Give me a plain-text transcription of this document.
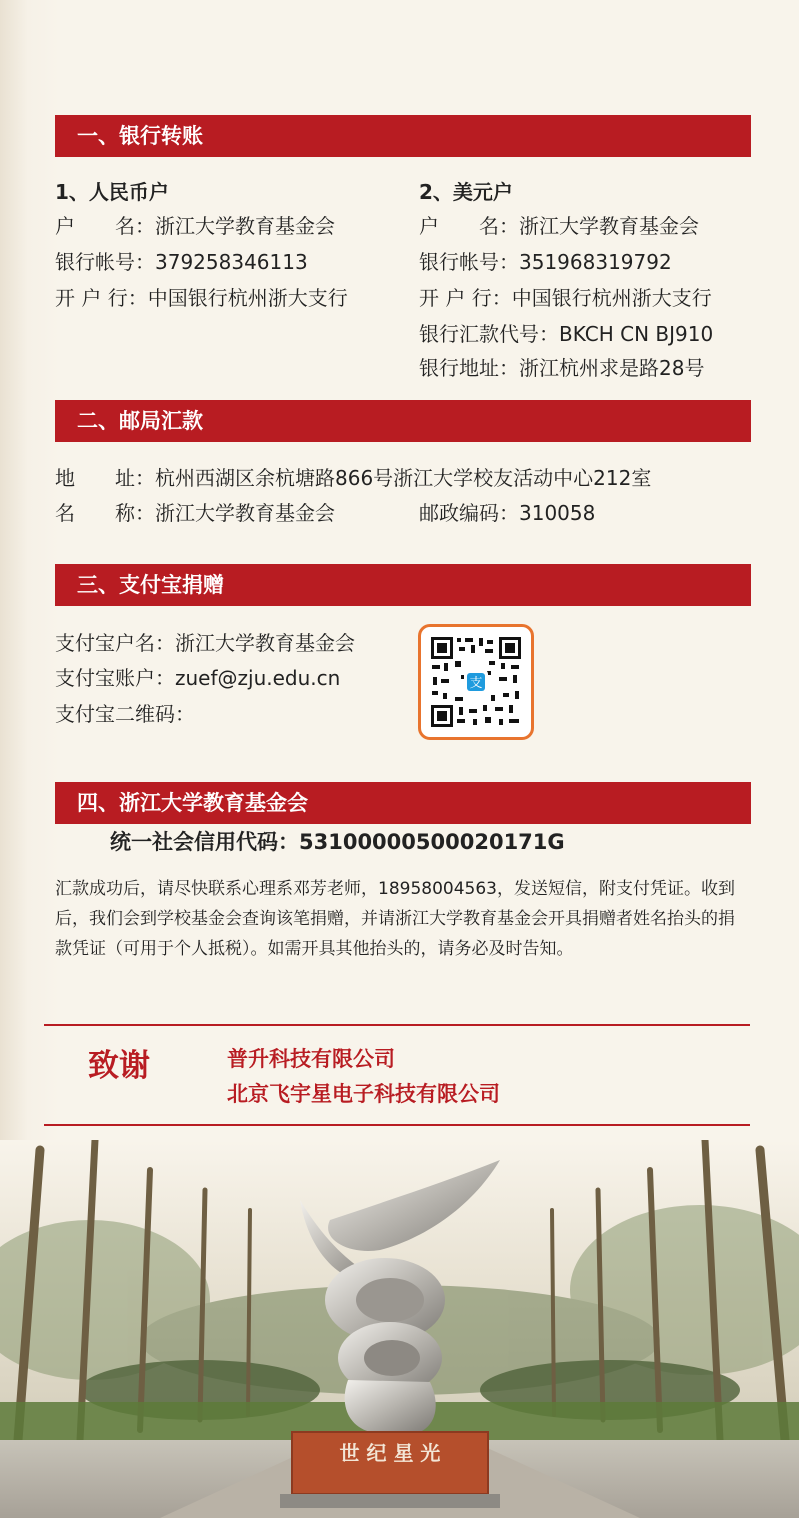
一、银行转账
1、人民币户
户　　名：浙江大学教育基金会
银行帐号：379258346113
开 户 行：中国银行杭州浙大支行
2、美元户
户　　名：浙江大学教育基金会
银行帐号：351968319792
开 户 行：中国银行杭州浙大支行
银行汇款代号：BKCH CN BJ910
银行地址：浙江杭州求是路28号
二、邮局汇款
地　　址：杭州西湖区余杭塘路866号浙江大学校友活动中心212室
名　　称：浙江大学教育基金会	邮政编码：310058
三、支付宝捐赠
支付宝户名：浙江大学教育基金会
支付宝账户：zuef@zju.edu.cn
支付宝二维码：
支
四、浙江大学教育基金会
统一社会信用代码：53100000500020171G
汇款成功后，请尽快联系心理系邓芳老师，18958004563，发送短信，附支付凭证。收到后，我们会到学校基金会查询该笔捐赠，并请浙江大学教育基金会开具捐赠者姓名抬头的捐款凭证（可用于个人抵税）。如需开具其他抬头的，请务必及时告知。
致谢	普升科技有限公司
北京飞宇星电子科技有限公司
世 纪 星 光
